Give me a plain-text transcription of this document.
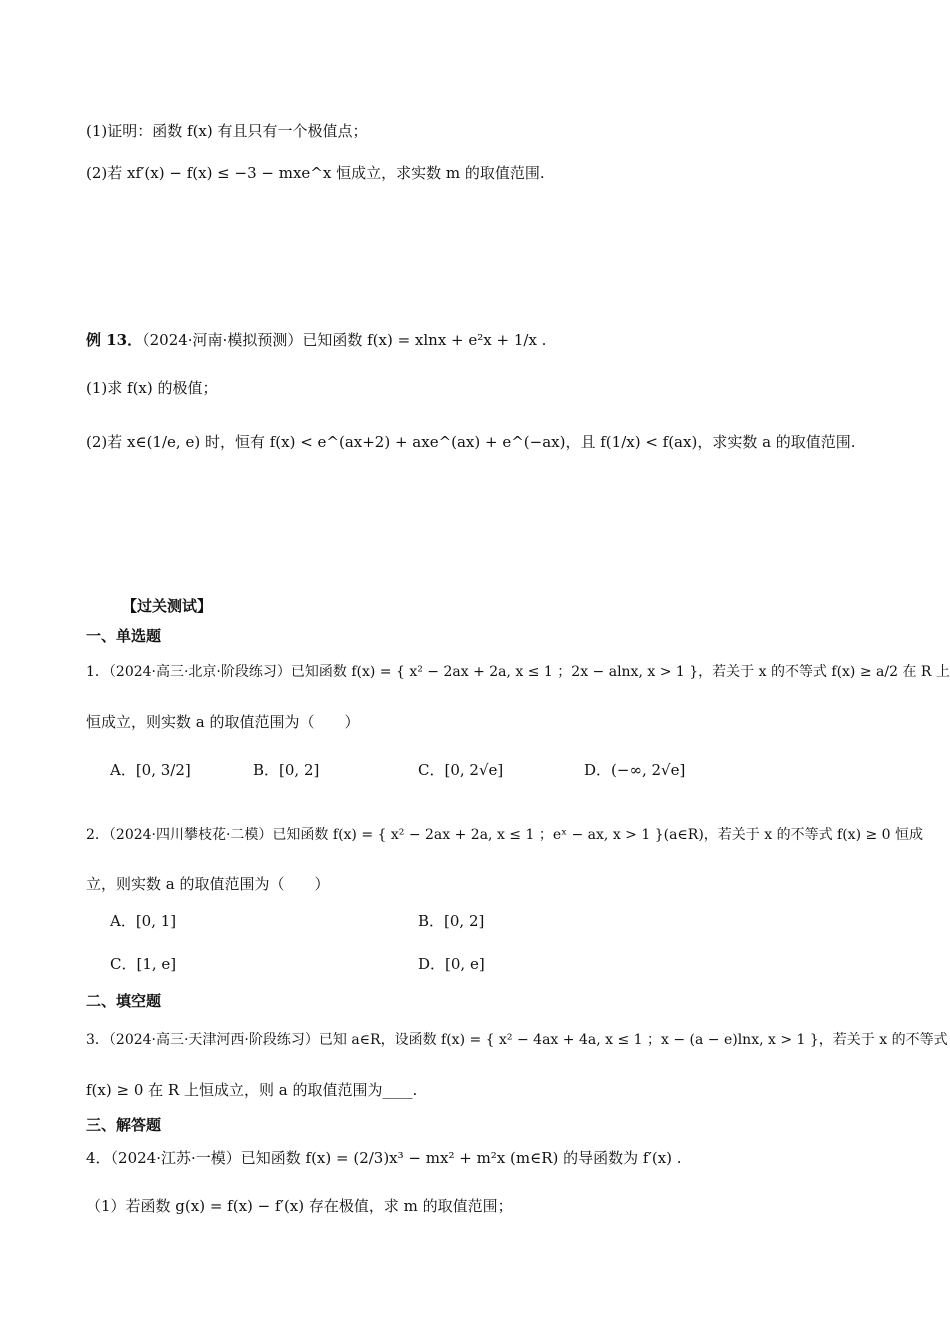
(1)证明：函数 f(x) 有且只有一个极值点；
(2)若 xf′(x) − f(x) ≤ −3 − mxe^x 恒成立，求实数 m 的取值范围.
例 13．（2024·河南·模拟预测）已知函数 f(x) = xlnx + e²x + 1/x .
(1)求 f(x) 的极值；
(2)若 x∈(1/e, e) 时，恒有 f(x) < e^(ax+2) + axe^(ax) + e^(−ax)，且 f(1/x) < f(ax)，求实数 a 的取值范围.
【过关测试】
一、单选题
1．（2024·高三·北京·阶段练习）已知函数 f(x) = { x² − 2ax + 2a, x ≤ 1 ；2x − alnx, x > 1 }，若关于 x 的不等式 f(x) ≥ a/2 在 R 上
恒成立，则实数 a 的取值范围为（　　）
A．[0, 3/2]	B．[0, 2]	C．[0, 2√e]	D．(−∞, 2√e]
2．（2024·四川攀枝花·二模）已知函数 f(x) = { x² − 2ax + 2a, x ≤ 1 ；eˣ − ax, x > 1 }(a∈R)，若关于 x 的不等式 f(x) ≥ 0 恒成
立，则实数 a 的取值范围为（　　）
A．[0, 1]	B．[0, 2]
C．[1, e]	D．[0, e]
二、填空题
3．（2024·高三·天津河西·阶段练习）已知 a∈R，设函数 f(x) = { x² − 4ax + 4a, x ≤ 1 ；x − (a − e)lnx, x > 1 }，若关于 x 的不等式
f(x) ≥ 0 在 R 上恒成立，则 a 的取值范围为____.
三、解答题
4．（2024·江苏·一模）已知函数 f(x) = (2/3)x³ − mx² + m²x (m∈R) 的导函数为 f′(x) .
（1）若函数 g(x) = f(x) − f′(x) 存在极值，求 m 的取值范围；
